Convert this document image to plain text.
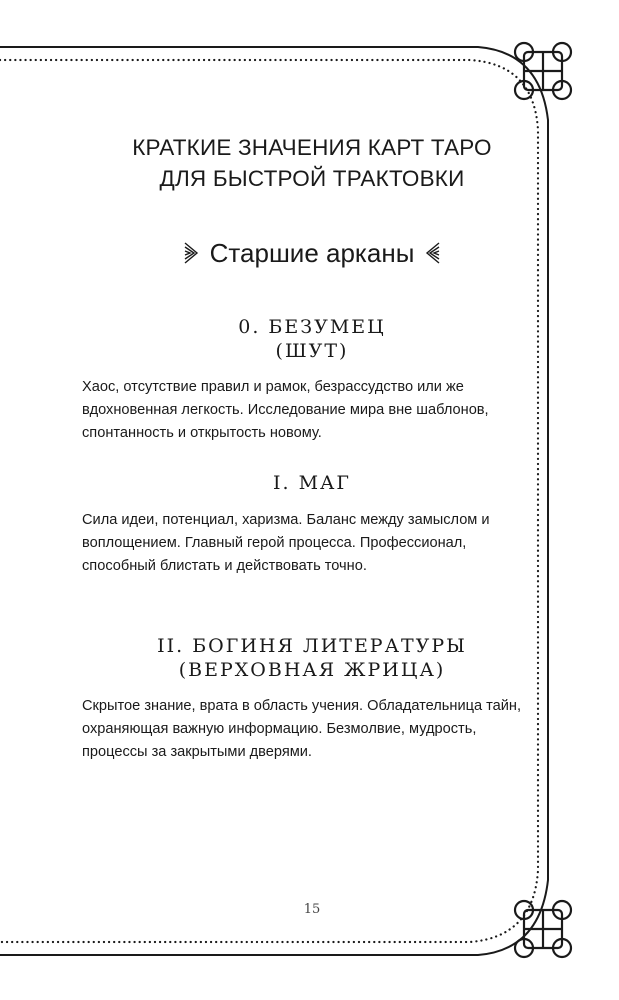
КРАТКИЕ ЗНАЧЕНИЯ КАРТ ТАРО
ДЛЯ БЫСТРОЙ ТРАКТОВКИ
Старшие арканы
0. БЕЗУМЕЦ
(ШУТ)

Хаос, отсутствие правил и рамок, безрассудство или же вдохновенная легкость. Исследование мира вне шаблонов, спонтанность и открытость новому.

I. МАГ

Сила идеи, потенциал, харизма. Баланс между замыслом и воплощением. Главный герой процесса. Профессионал, способный блистать и действовать точно.

II. БОГИНЯ ЛИТЕРАТУРЫ
(ВЕРХОВНАЯ ЖРИЦА)

Скрытое знание, врата в область учения. Обладательница тайн, охраняющая важную информацию. Безмолвие, мудрость, процессы за закрытыми дверями.

15
